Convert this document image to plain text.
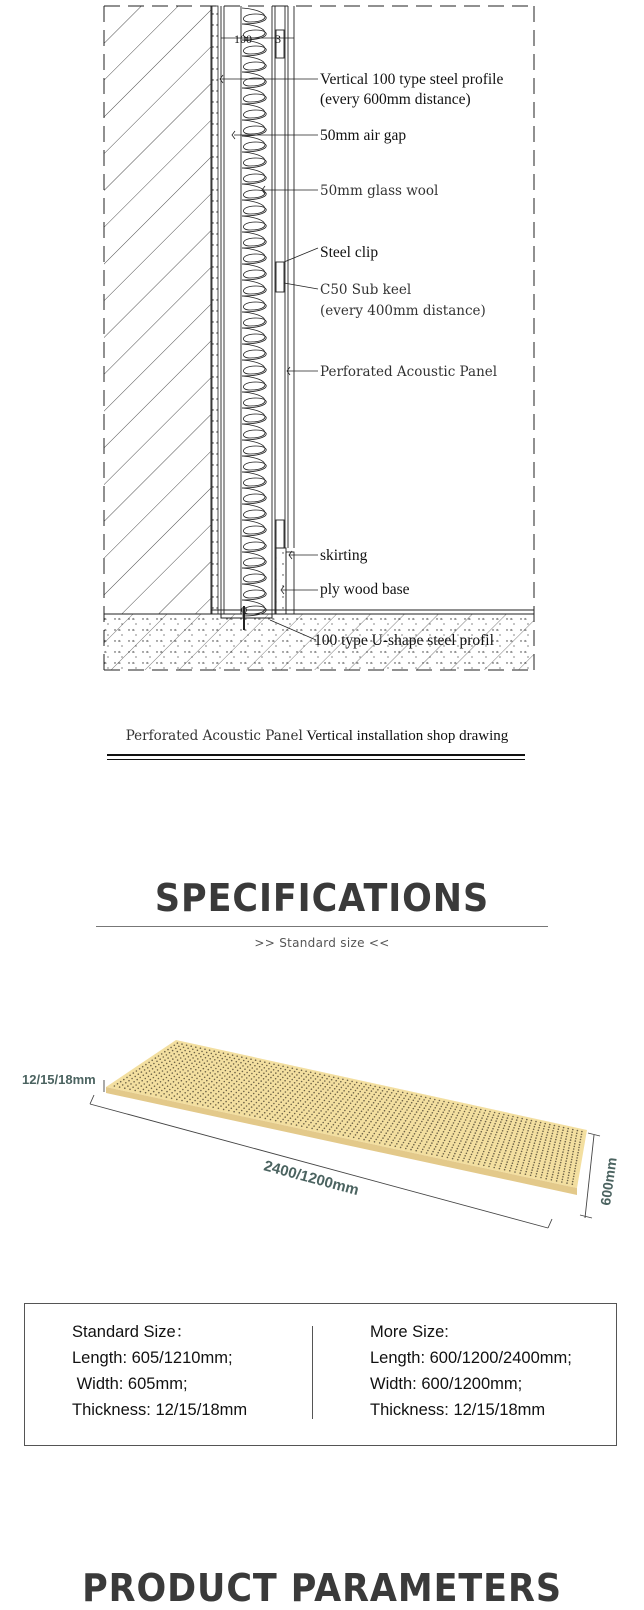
100 3
Vertical 100 type steel profile
(every 600mm distance)
50mm air gap
50mm glass wool
Steel clip
C50 Sub keel
(every 400mm distance)
Perforated Acoustic Panel
skirting
ply wood base
100 type U-shape steel profil
Perforated Acoustic Panel Vertical installation shop drawing
SPECIFICATIONS
>> Standard size <<
12/15/18mm
2400/1200mm	600mm
Standard Size：
Length: 605/1210mm;
Width: 605mm;
Thickness: 12/15/18mm
More Size:
Length: 600/1200/2400mm;
Width: 600/1200mm;
Thickness: 12/15/18mm
PRODUCT PARAMETERS
